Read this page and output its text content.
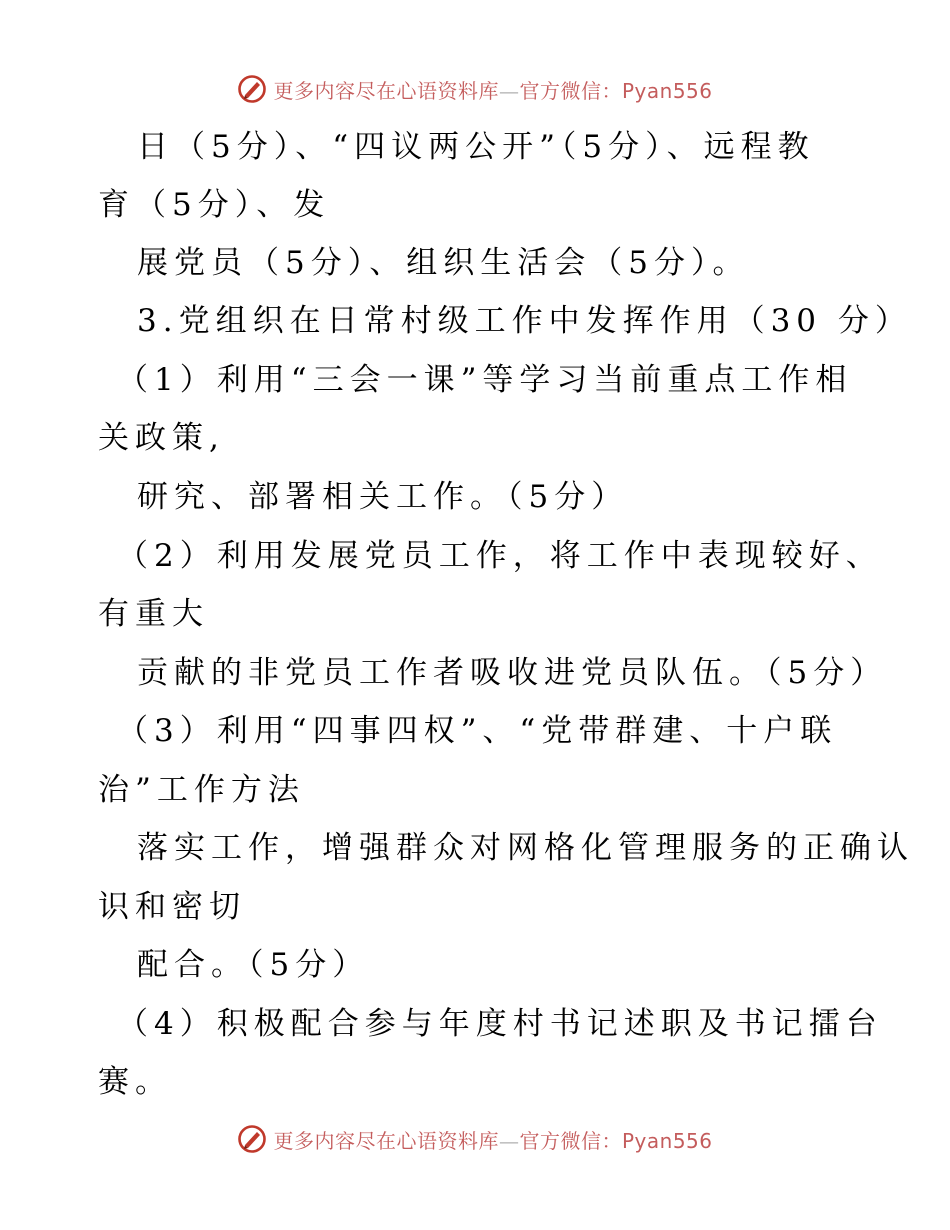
更多内容尽在心语资料库—官方微信：Pyan556
日（5分）、“四议两公开”（5分）、远程教
育（5分）、发
展党员（5分）、组织生活会（5分）。
3.党组织在日常村级工作中发挥作用（30 分）
（1）利用“三会一课”等学习当前重点工作相
关政策,
研究、部署相关工作。（5分）
（2）利用发展党员工作，将工作中表现较好、
有重大
贡献的非党员工作者吸收进党员队伍。（5分）
（3）利用“四事四权”、“党带群建、十户联
治”工作方法
落实工作，增强群众对网格化管理服务的正确认
识和密切
配合。（5分）
（4）积极配合参与年度村书记述职及书记擂台
赛。
更多内容尽在心语资料库—官方微信：Pyan556
